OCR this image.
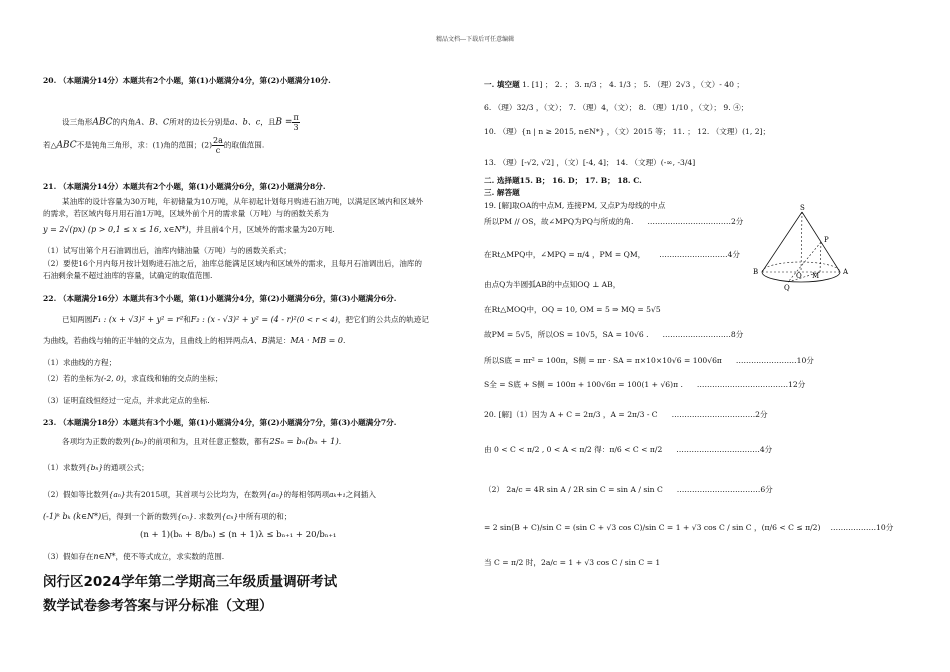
精品文档---下载后可任意编辑
20. （本题满分14分）本题共有2个小题，第(1)小题满分4分，第(2)小题满分10分.
设三角形ABC的内角A、B、C所对的边长分别是a、b、c，且$B = \frac{\pi}{3}$
若△ABC不是钝角三角形，求：(1)角的范围；$(2) \frac{2a}{c}$ 的取值范围.
21. （本题满分14分）本题共有2个小题，第(1)小题满分6分，第(2)小题满分8分.
某油库的设计容量为30万吨，年初储量为10万吨，从年初起计划每月购进石油万吨，以满足区域内和区域外
的需求，若区域内每月用石油1万吨，区域外前个月的需求量（万吨）与的函数关系为
y = 2√(px) (p > 0,1 ≤ x ≤ 16, x∈N*)，并且前4个月，区域外的需求量为20万吨.
（1）试写出第个月石油调出后，油库内储油量（万吨）与的函数关系式；
（2）要使16个月内每月按计划购进石油之后，油库总能满足区域内和区域外的需求，且每月石油调出后，油库的
石油剩余量不超过油库的容量，试确定的取值范围.
22. （本题满分16分）本题共有3个小题，第(1)小题满分4分，第(2)小题满分6分，第(3)小题满分6分.
已知两圆F₁ : (x + √3)² + y² = r²和F₂ : (x - √3)² + y² = (4 - r)²(0 < r < 4)，把它们的公共点的轨迹记
为曲线，若曲线与轴的正半轴的交点为，且曲线上的相异两点A、B满足：MA · MB = 0.
（1）求曲线的方程；
（2）若的坐标为(-2, 0)，求直线和轴的交点的坐标；
（3）证明直线恒经过一定点，并求此定点的坐标.
23. （本题满分18分）本题共有3个小题，第(1)小题满分4分，第(2)小题满分7分，第(3)小题满分7分.
各项均为正数的数列{bₙ}的前项和为，且对任意正整数，都有2Sₙ = bₙ(bₙ + 1).
（1）求数列{bₙ}的通项公式；
（2）假如等比数列{aₙ}共有2015项，其首项与公比均为，在数列{aₙ}的每相邻两项aₖ+₁之间插入
(-1)ᵏ bₖ (k∈N*)后，得到一个新的数列{cₙ}. 求数列{cₙ}中所有项的和；
(n + 1)(bₙ + 8/bₙ) ≤ (n + 1)λ ≤ bₙ₊₁ + 20/bₙ₊₁
（3）假如存在n∈N*，使不等式成立，求实数的范围.
闵行区2024学年第二学期高三年级质量调研考试
数学试卷参考答案与评分标准（文理）
一. 填空题 1. [1] ； 2. ； 3. π/3 ； 4. 1/3 ； 5. （理）2√3 ，（文）- 40 ；
6. （理）32/3 ，（文）； 7. （理）4，（文）； 8. （理）1/10 ，（文）； 9. ④；
10. （理）{n | n ≥ 2015, n∈N*} ，（文）2015 等； 11. ； 12. （文理）(1, 2]；
13. （理）[-√2, √2] ，（文）[-4, 4]； 14. （文理）(-∞, -3/4]
二. 选择题15. B； 16. D； 17. B； 18. C.
三. 解答题
19. [解]取OA的中点M, 连接PM, 又点P为母线的中点
所以PM // OS，故∠MPQ为PQ与所成的角. ……………………………2分
在Rt△MPQ中，∠MPQ = π/4 ，PM = QM， ………………………4分
由点Q为半圆弧AB的中点知OQ ⊥ AB，
在Rt△MOQ中，OQ = 10, OM = 5 ⇒ MQ = 5√5
故PM = 5√5，所以OS = 10√5，SA = 10√6 . ………………………8分
所以S底 = πr² = 100π，S侧 = πr · SA = π×10×10√6 = 100√6π ……………………10分
S全 = S底 + S侧 = 100π + 100√6π = 100(1 + √6)π . ………………………………12分
20. [解]（1）因为 A + C = 2π/3 ，A = 2π/3 - C ……………………………2分
由 0 < C < π/2 , 0 < A < π/2 得：π/6 < C < π/2 ……………………………4分
（2） 2a/c = 4R sin A / 2R sin C = sin A / sin C ……………………………6分
= 2 sin(B + C)/sin C = (sin C + √3 cos C)/sin C = 1 + √3 cos C / sin C ，(π/6 < C ≤ π/2) ………………10分
当 C = π/2 时，2a/c = 1 + √3 cos C / sin C = 1
S
P
A
B	O M
Q
